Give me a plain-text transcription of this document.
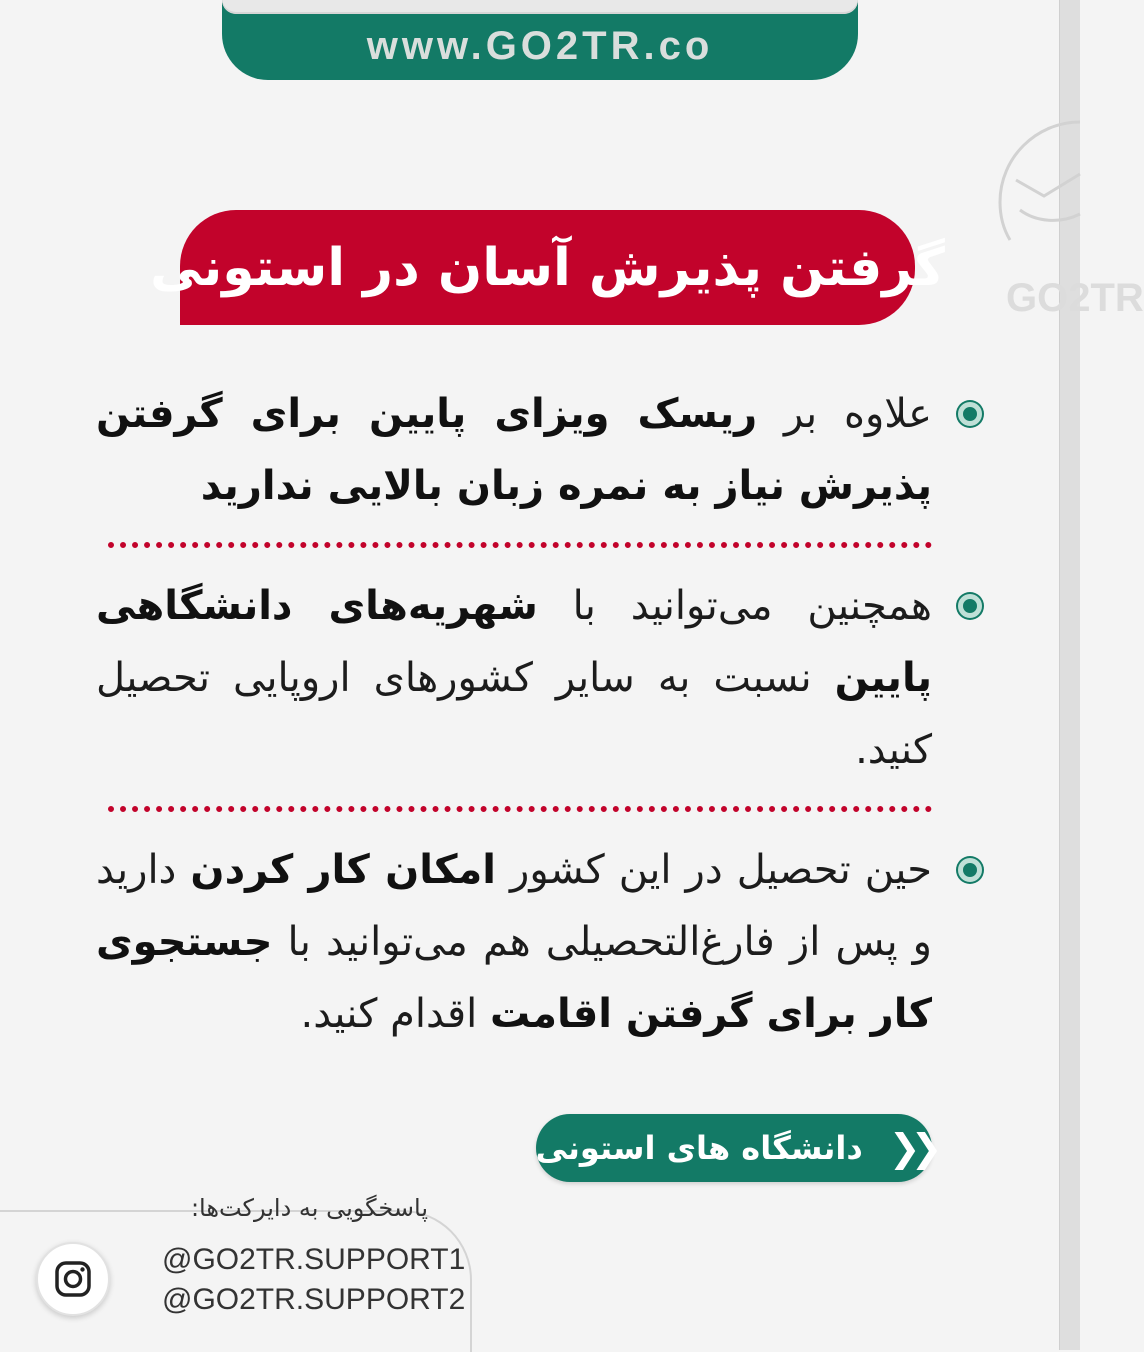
www.GO2TR.co
GO2TR
گرفتن پذیرش آسان در استونی

علاوه بر ریسک ویزای پایین برای گرفتن پذیرش نیاز به نمره زبان بالایی ندارید

همچنین می‌توانید با شهریه‌های دانشگاهی پایین نسبت به سایر کشورهای اروپایی تحصیل کنید.

حین تحصیل در این کشور امکان کار کردن دارید و پس از فارغ‌التحصیلی هم می‌توانید با جستجوی کار برای گرفتن اقامت اقدام کنید.

❮❮
دانشگاه های استونی
پاسخگویی به دایرکت‌ها:
@GO2TR.SUPPORT1
@GO2TR.SUPPORT2
